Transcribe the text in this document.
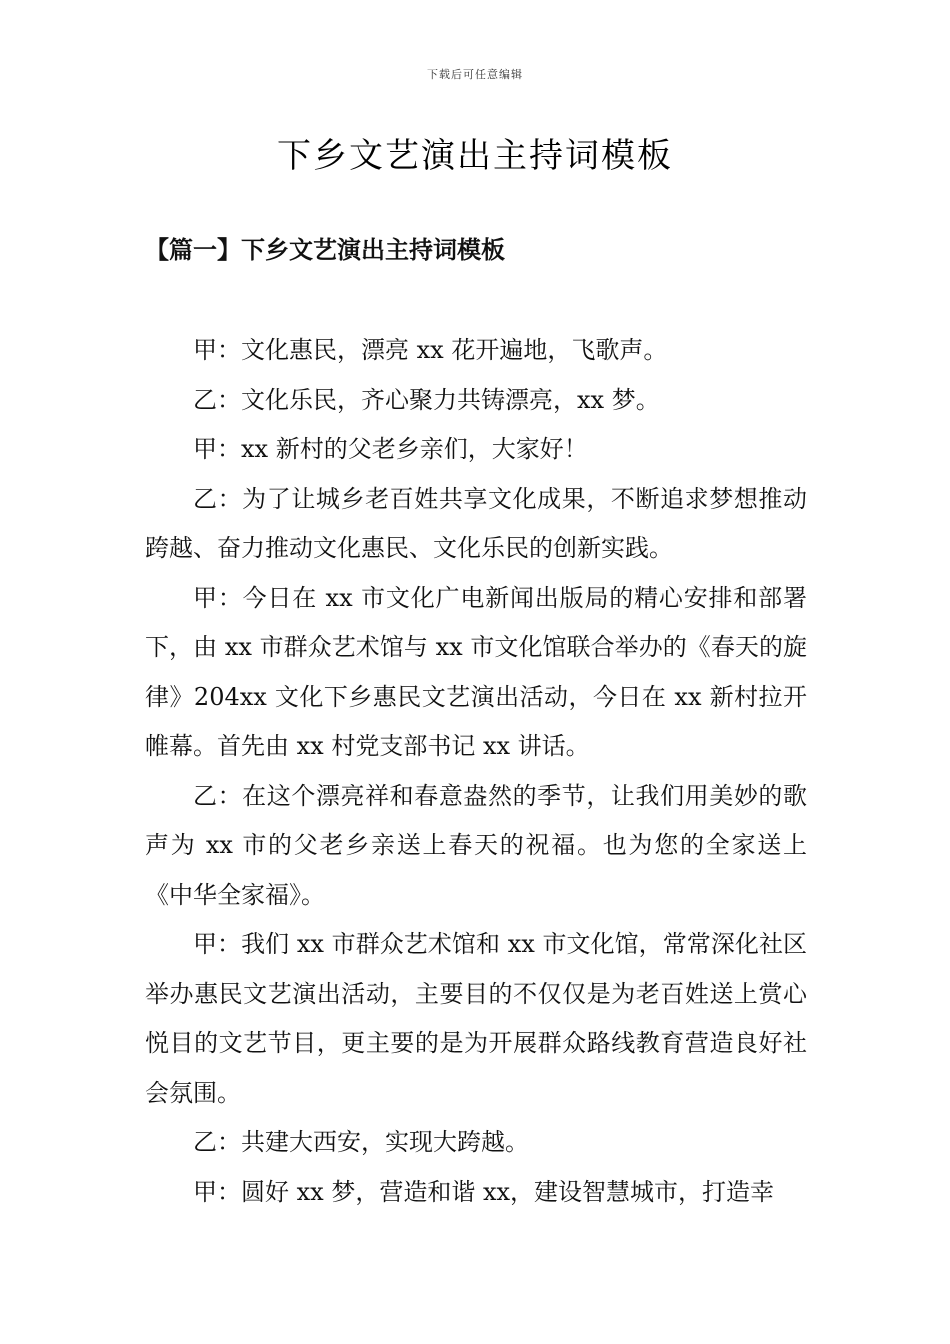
下载后可任意编辑
下乡文艺演出主持词模板
【篇一】下乡文艺演出主持词模板

甲：文化惠民，漂亮 xx 花开遍地，飞歌声。

乙：文化乐民，齐心聚力共铸漂亮，xx 梦。

甲：xx 新村的父老乡亲们，大家好！

乙：为了让城乡老百姓共享文化成果，不断追求梦想推动跨越、奋力推动文化惠民、文化乐民的创新实践。

甲：今日在 xx 市文化广电新闻出版局的精心安排和部署下，由 xx 市群众艺术馆与 xx 市文化馆联合举办的《春天的旋律》204xx 文化下乡惠民文艺演出活动，今日在 xx 新村拉开帷幕。首先由 xx 村党支部书记 xx 讲话。

乙：在这个漂亮祥和春意盎然的季节，让我们用美妙的歌声为 xx 市的父老乡亲送上春天的祝福。也为您的全家送上《中华全家福》。

甲：我们 xx 市群众艺术馆和 xx 市文化馆，常常深化社区举办惠民文艺演出活动，主要目的不仅仅是为老百姓送上赏心悦目的文艺节目，更主要的是为开展群众路线教育营造良好社会氛围。

乙：共建大西安，实现大跨越。

甲：圆好 xx 梦，营造和谐 xx，建设智慧城市，打造幸
